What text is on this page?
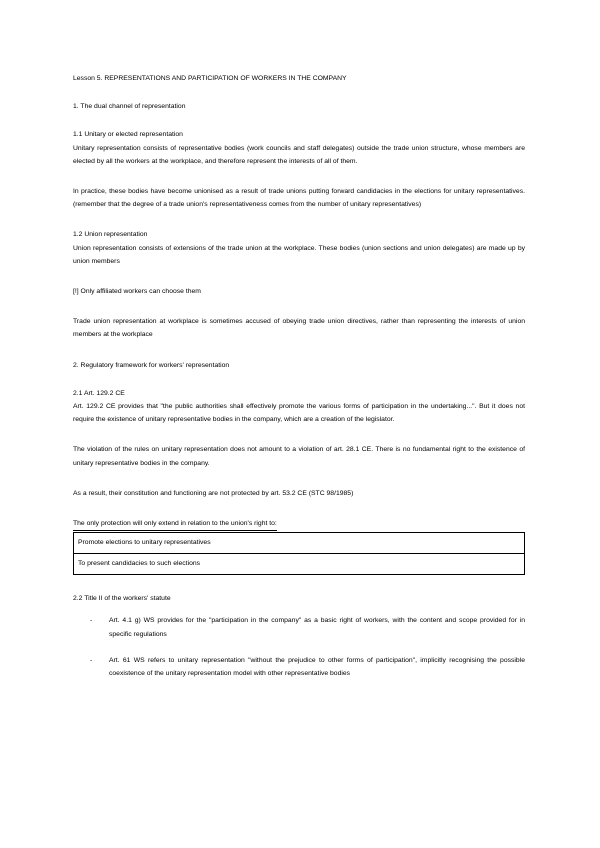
Lesson 5. REPRESENTATIONS AND PARTICIPATION OF WORKERS IN THE COMPANY
1. The dual channel of representation
1.1 Unitary or elected representation

Unitary representation consists of representative bodies (work councils and staff delegates) outside the trade union structure, whose members are elected by all the workers at the workplace, and therefore represent the interests of all of them.

In practice, these bodies have become unionised as a result of trade unions putting forward candidacies in the elections for unitary representatives. (remember that the degree of a trade union's representativeness comes from the number of unitary representatives)

1.2 Union representation

Union representation consists of extensions of the trade union at the workplace. These bodies (union sections and union delegates) are made up by union members

[!] Only affiliated workers can choose them

Trade union representation at workplace is sometimes accused of obeying trade union directives, rather than representing the interests of union members at the workplace

2. Regulatory framework for workers' representation
2.1 Art. 129.2 CE

Art. 129.2 CE provides that "the public authorities shall effectively promote the various forms of participation in the undertaking...". But it does not require the existence of unitary representative bodies in the company, which are a creation of the legislator.

The violation of the rules on unitary representation does not amount to a violation of art. 28.1 CE. There is no fundamental right to the existence of unitary representative bodies in the company.

As a result, their constitution and functioning are not protected by art. 53.2 CE (STC 98/1985)

The only protection will only extend in relation to the union's right to:

Promote elections to unitary representatives
To present candidacies to such elections
2.2 Title II of the workers' statute
- Art. 4.1 g) WS provides for the "participation in the company" as a basic right of workers, with the content and scope provided for in specific regulations
- Art. 61 WS refers to unitary representation "without the prejudice to other forms of participation", implicitly recognising the possible coexistence of the unitary representation model with other representative bodies
